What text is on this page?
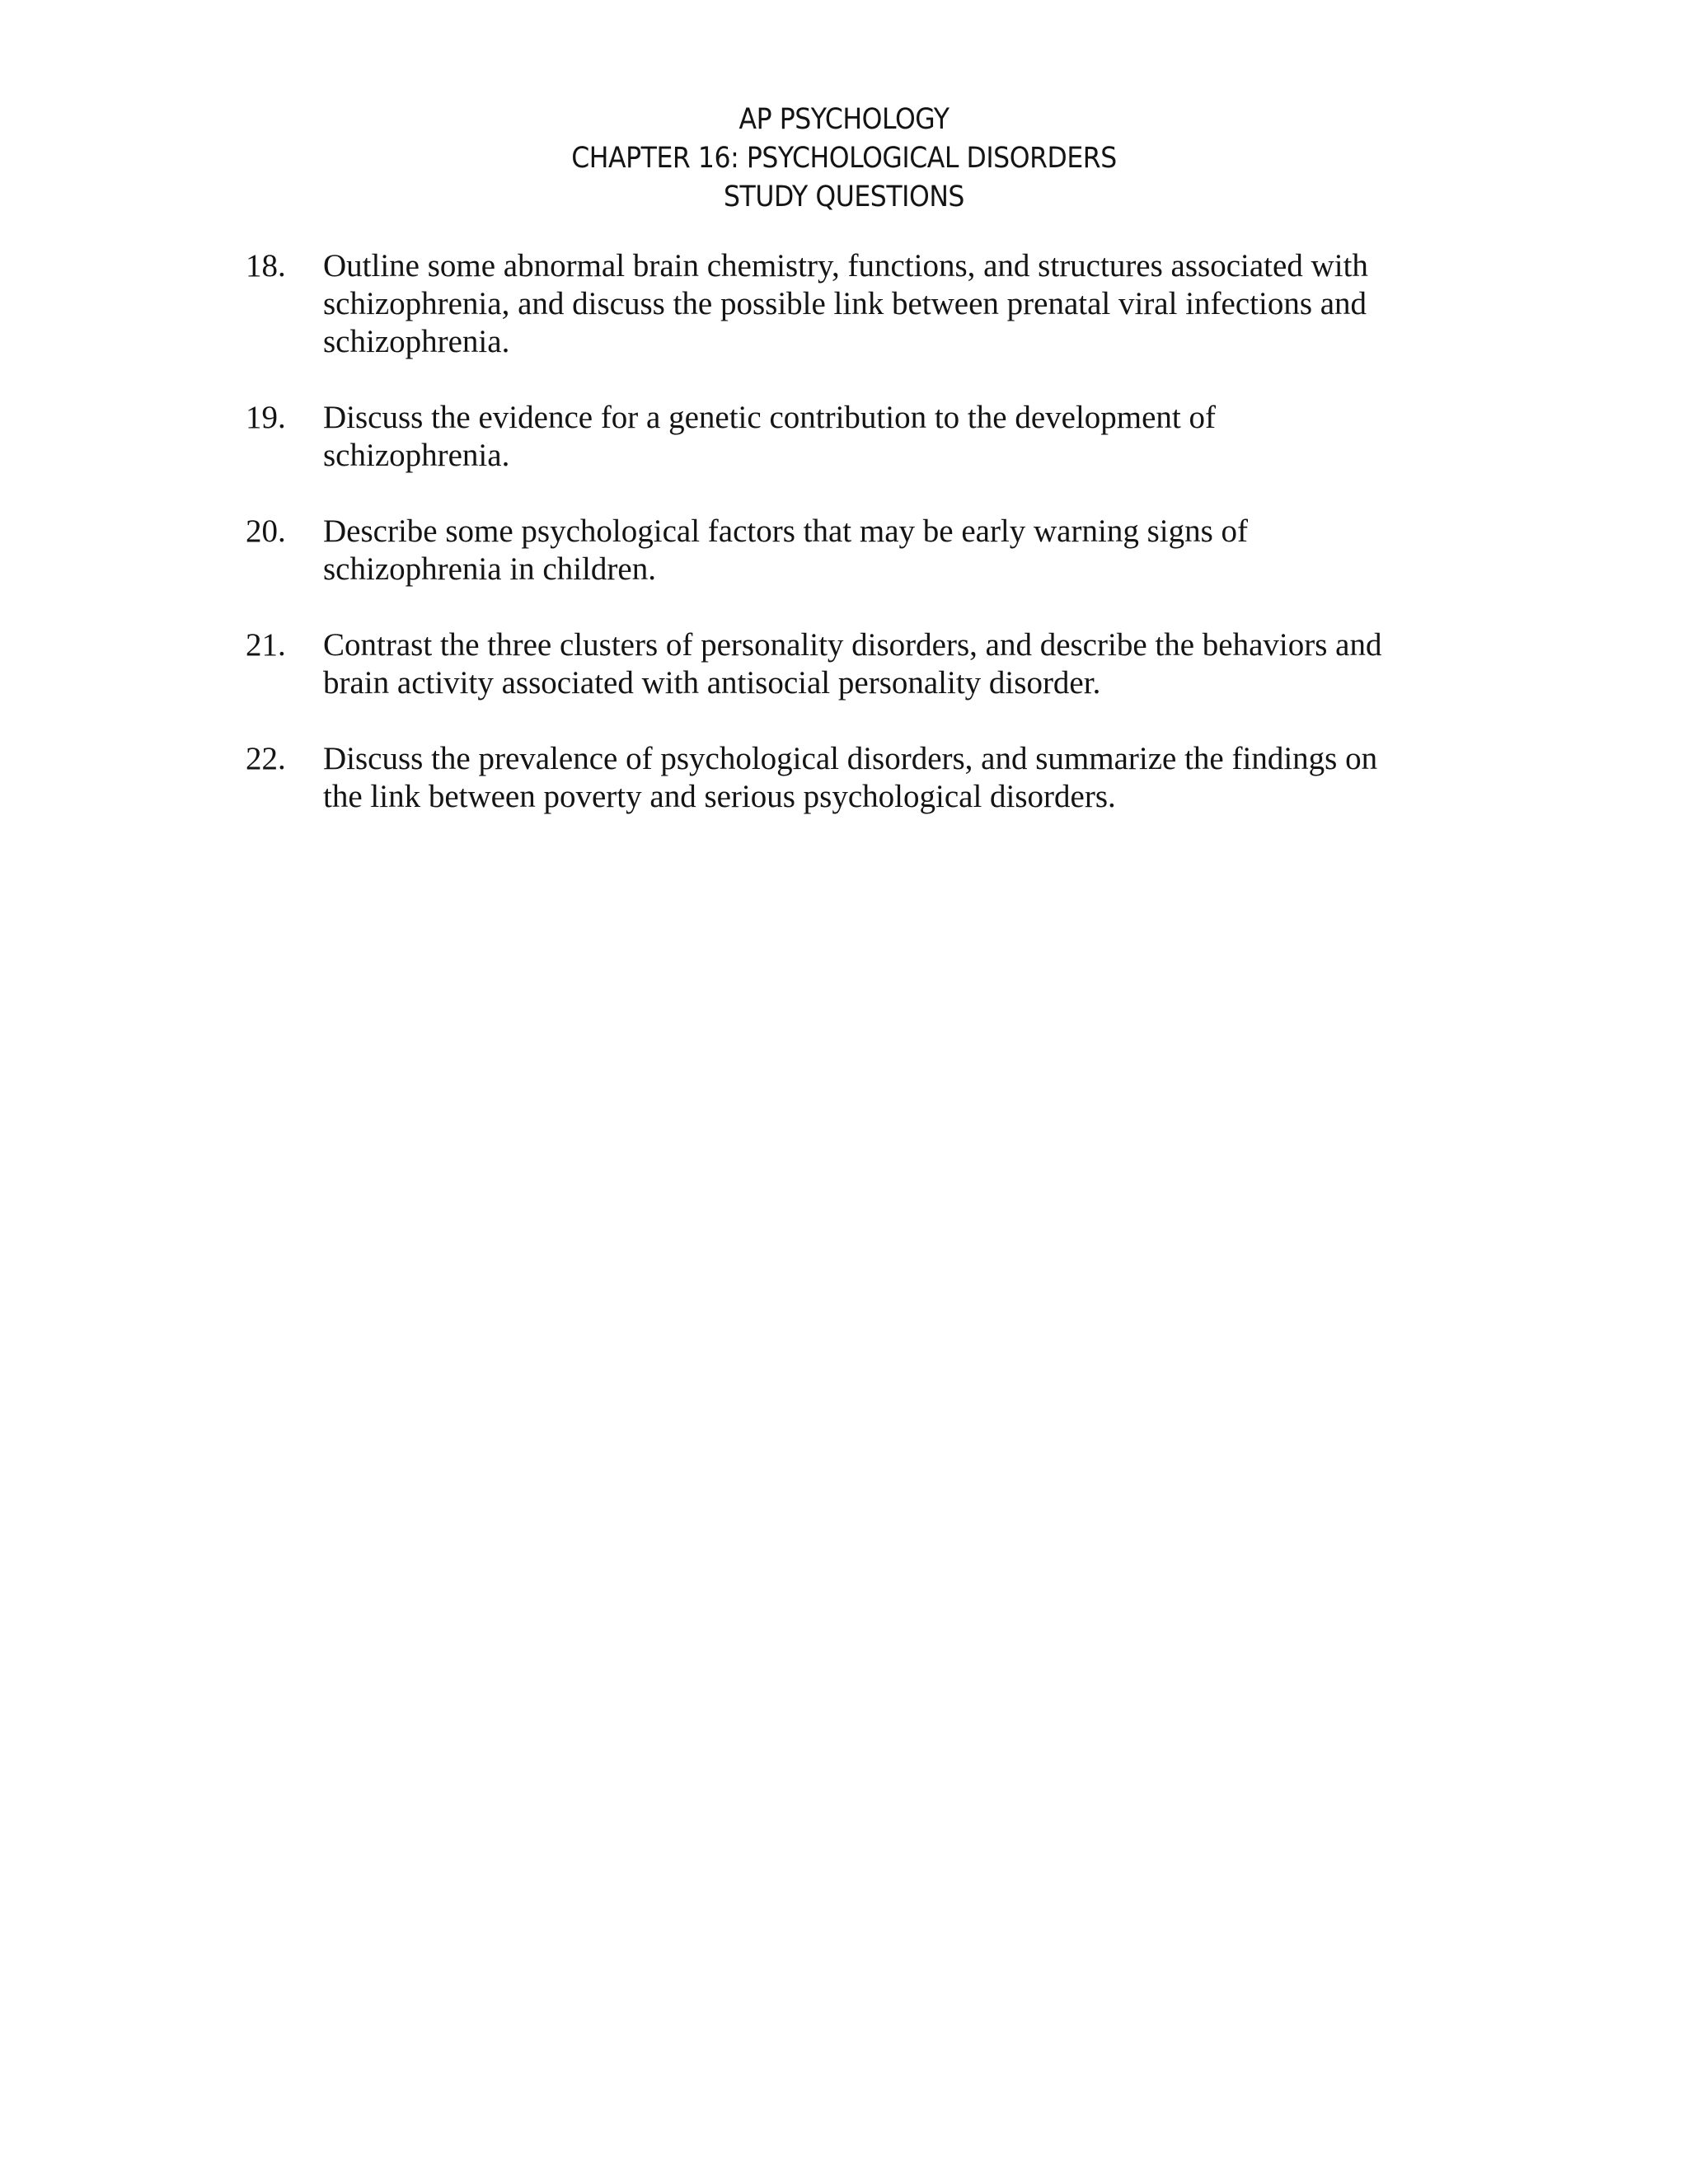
AP PSYCHOLOGY
CHAPTER 16: PSYCHOLOGICAL DISORDERS
STUDY QUESTIONS
18. Outline some abnormal brain chemistry, functions, and structures associated with
schizophrenia, and discuss the possible link between prenatal viral infections and
schizophrenia.
19. Discuss the evidence for a genetic contribution to the development of
schizophrenia.
20. Describe some psychological factors that may be early warning signs of
schizophrenia in children.
21. Contrast the three clusters of personality disorders, and describe the behaviors and
brain activity associated with antisocial personality disorder.
22. Discuss the prevalence of psychological disorders, and summarize the findings on
the link between poverty and serious psychological disorders.
